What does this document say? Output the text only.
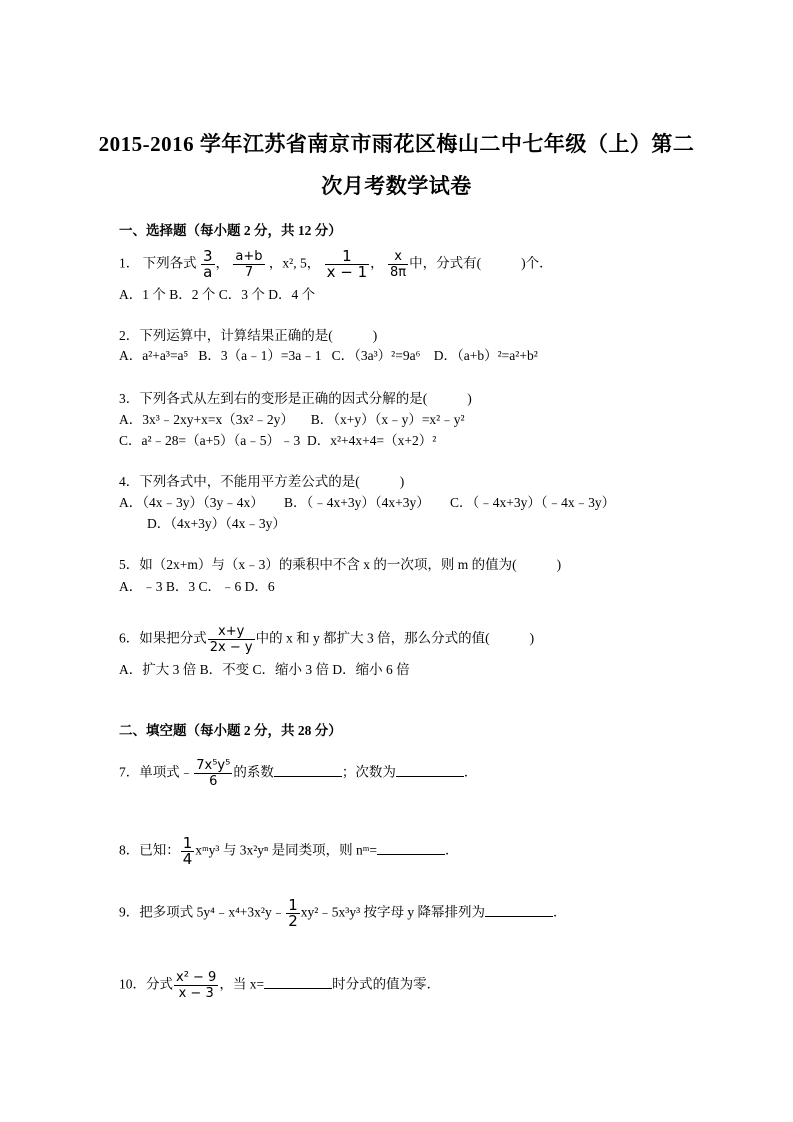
2015-2016 学年江苏省南京市雨花区梅山二中七年级（上）第二
次月考数学试卷
一、选择题（每小题 2 分，共 12 分）
1． 下列各式 $\frac{3}{a}$ ， $\frac{a+b}{7}$ ，x², 5， $\frac{1}{x - 1}$ ， $\frac{x}{8\pi}$ 中，分式有(	)个．
A．1 个 B．2 个 C．3 个 D．4 个
2．下列运算中，计算结果正确的是(	)
A．a²+a³=a⁵ B．3（a﹣1）=3a﹣1 C．（3a³）²=9a⁶ D．（a+b）²=a²+b²
3．下列各式从左到右的变形是正确的因式分解的是(	)
A．3x³﹣2xy+x=x（3x²﹣2y） B．（x+y）（x﹣y）=x²﹣y²
C．a²﹣28=（a+5）（a﹣5）﹣3 D．x²+4x+4=（x+2）²
4．下列各式中，不能用平方差公式的是(	)
A．（4x﹣3y）（3y﹣4x） B．（﹣4x+3y）（4x+3y） C．（﹣4x+3y）（﹣4x﹣3y）
D．（4x+3y）（4x﹣3y）
5．如（2x+m）与（x﹣3）的乘积中不含 x 的一次项，则 m 的值为(	)
A．﹣3 B．3 C．﹣6 D．6
6．如果把分式 $\frac{x+y}{2x - y}$ 中的 x 和 y 都扩大 3 倍，那么分式的值(	)
A．扩大 3 倍 B．不变 C．缩小 3 倍 D．缩小 6 倍
二、填空题（每小题 2 分，共 28 分）
7．单项式﹣ $\frac{\text{7x⁵y⁵}}{6}$ 的系数	；次数为	．
8．已知： $\frac{1}{4}$ xᵐy³ 与 3x²yⁿ 是同类项，则 nᵐ=	．
9．把多项式 5y⁴﹣x⁴+3x²y﹣ $\frac{1}{2}$ xy²﹣5x³y³ 按字母 y 降幂排列为	．
10．分式 $\frac{\text{x² − 9}}{x - 3}$ ，当 x=	时分式的值为零．
